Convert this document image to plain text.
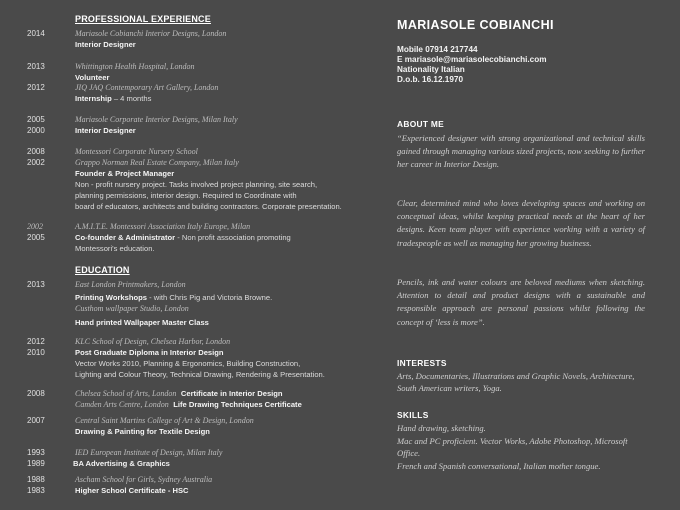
PROFESSIONAL EXPERIENCE
2014	Mariasole Cobianchi Interior Designs, London
Interior Designer
2013	Whittington Health Hospital, London
Volunteer
2012	JIQ JAQ Contemporary Art Gallery, London
Internship – 4 months
2005	Mariasole Corporate Interior Designs, Milan Italy
2000	Interior Designer
2008	Montessori Corporate Nursery School
2002	Grappo Norman Real Estate Company, Milan Italy
Founder & Project Manager
Non - profit nursery project. Tasks involved project planning, site search,
planning permissions, interior design. Required to Coordinate with
board of educators, architects and building contractors. Corporate presentation.
2002	A.M.I.T.E. Montessori Association Italy Europe, Milan
2005	Co-founder & Administrator - Non profit association promoting
Montessori's education.
EDUCATION
2013	East London Printmakers, London
Printing Workshops - with Chris Pig and Victoria Browne.
Custhom wallpaper Studio, London
Hand printed Wallpaper Master Class
2012	KLC School of Design, Chelsea Harbor, London
2010	Post Graduate Diploma in Interior Design
Vector Works 2010, Planning & Ergonomics, Building Construction,
Lighting and Colour Theory, Technical Drawing, Rendering & Presentation.
2008	Chelsea School of Arts, London Certificate in Interior Design
Camden Arts Centre, London Life Drawing Techniques Certificate
2007	Central Saint Martins College of Art & Design, London
Drawing & Painting for Textile Design
1993	IED European Institute of Design, Milan Italy
1989	BA Advertising & Graphics
1988	Ascham School for Girls, Sydney Australia
1983	Higher School Certificate - HSC
MARIASOLE COBIANCHI
Mobile 07914 217744
E mariasole@mariasolecobianchi.com
Nationality Italian
D.o.b. 16.12.1970
ABOUT ME
“Experienced designer with strong organizational and technical skills gained through managing various sized projects, now seeking to further her career in Interior Design.
Clear, determined mind who loves developing spaces and working on conceptual ideas, whilst keeping practical needs at the heart of her designs. Keen team player with experience working with a variety of tradespeople as well as managing her growing business.
Pencils, ink and water colours are beloved mediums when sketching. Attention to detail and product designs with a sustainable and responsible approach are personal passions whilst following the concept of ‘less is more”.
INTERESTS
Arts, Documentaries, Illustrations and Graphic Novels, Architecture, South American writers, Yoga.
SKILLS
Hand drawing, sketching.
Mac and PC proficient. Vector Works, Adobe Photoshop, Microsoft Office.
French and Spanish conversational, Italian mother tongue.
